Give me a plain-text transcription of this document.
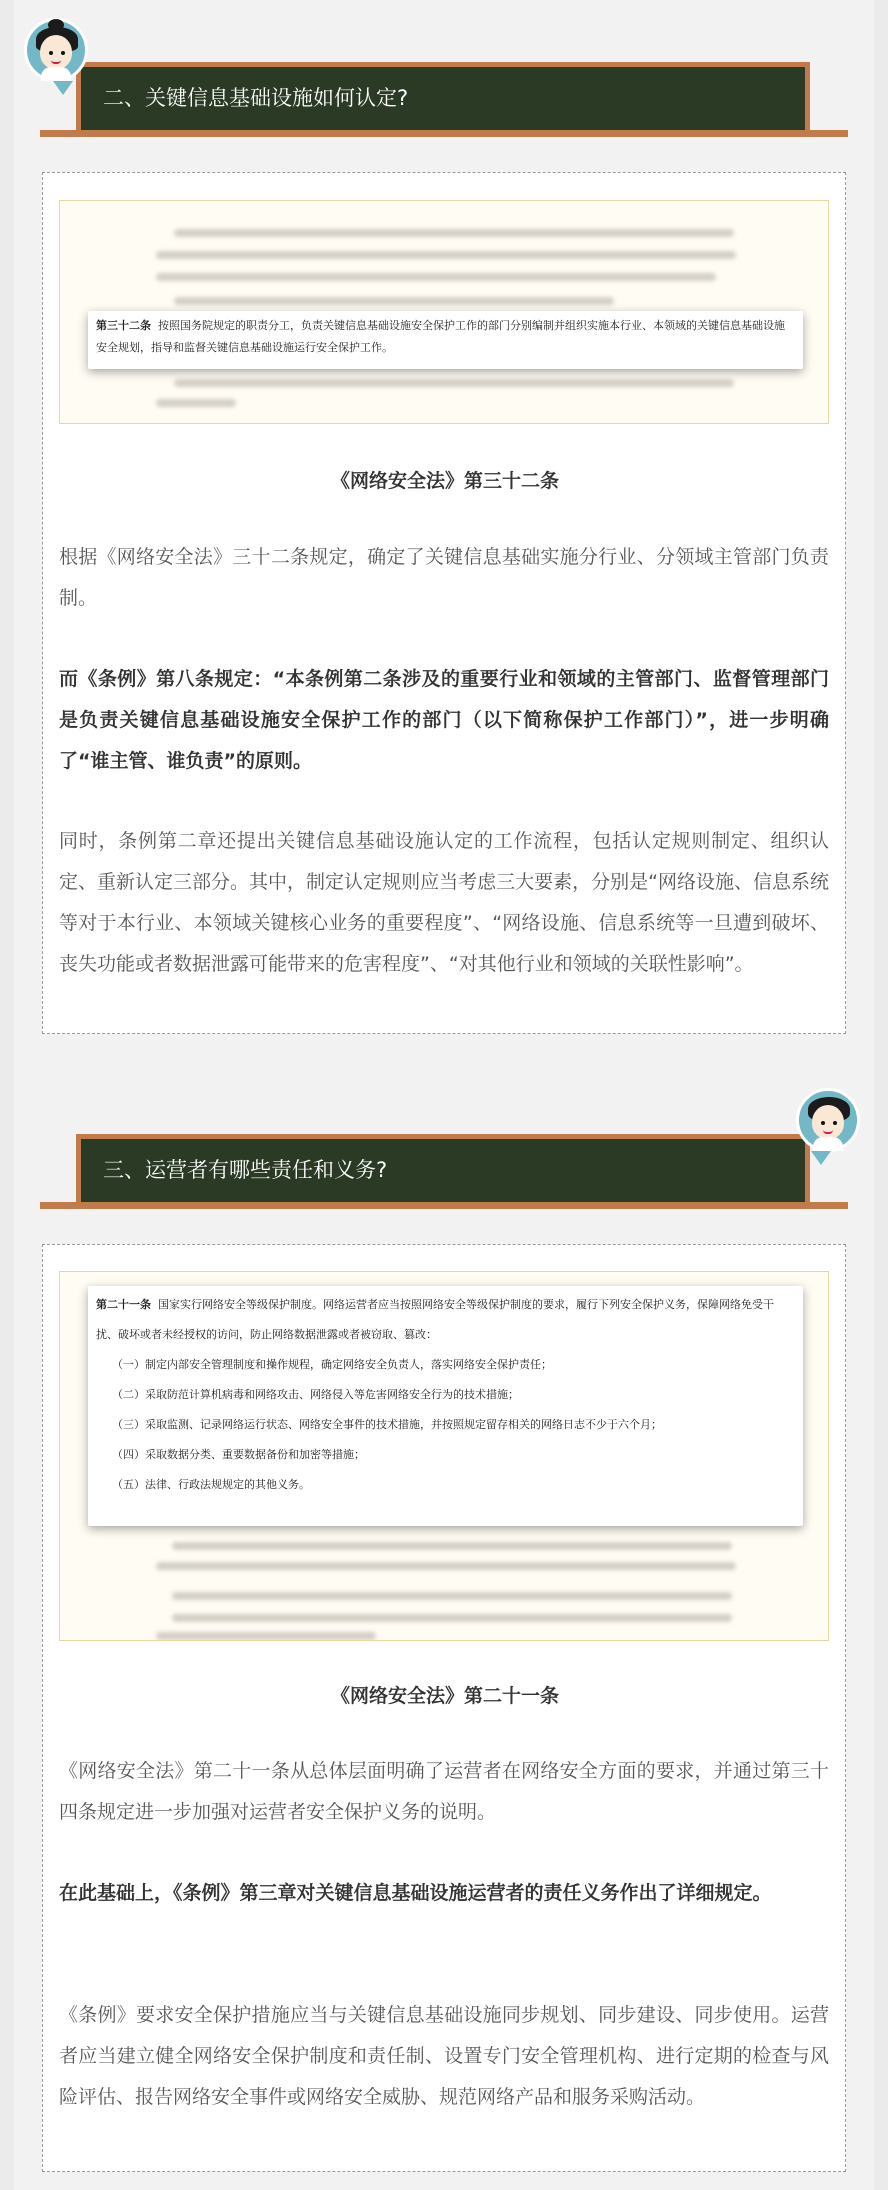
二、关键信息基础设施如何认定?

第三十二条 按照国务院规定的职责分工，负责关键信息基础设施安全保护工作的部门分别编制并组织实施本行业、本领域的关键信息基础设施安全规划，指导和监督关键信息基础设施运行安全保护工作。

《网络安全法》第三十二条
根据《网络安全法》三十二条规定，确定了关键信息基础实施分行业、分领域主管部门负责制。
而《条例》第八条规定：“本条例第二条涉及的重要行业和领域的主管部门、监督管理部门是负责关键信息基础设施安全保护工作的部门（以下简称保护工作部门）”，进一步明确了“谁主管、谁负责”的原则。
同时，条例第二章还提出关键信息基础设施认定的工作流程，包括认定规则制定、组织认定、重新认定三部分。其中，制定认定规则应当考虑三大要素，分别是“网络设施、信息系统等对于本行业、本领域关键核心业务的重要程度”、“网络设施、信息系统等一旦遭到破坏、丧失功能或者数据泄露可能带来的危害程度”、“对其他行业和领域的关联性影响”。
三、运营者有哪些责任和义务?

第二十一条 国家实行网络安全等级保护制度。网络运营者应当按照网络安全等级保护制度的要求，履行下列安全保护义务，保障网络免受干扰、破坏或者未经授权的访问，防止网络数据泄露或者被窃取、篡改：

（一）制定内部安全管理制度和操作规程，确定网络安全负责人，落实网络安全保护责任；

（二）采取防范计算机病毒和网络攻击、网络侵入等危害网络安全行为的技术措施；

（三）采取监测、记录网络运行状态、网络安全事件的技术措施，并按照规定留存相关的网络日志不少于六个月；

（四）采取数据分类、重要数据备份和加密等措施；

（五）法律、行政法规规定的其他义务。

《网络安全法》第二十一条
《网络安全法》第二十一条从总体层面明确了运营者在网络安全方面的要求，并通过第三十四条规定进一步加强对运营者安全保护义务的说明。
在此基础上，《条例》第三章对关键信息基础设施运营者的责任义务作出了详细规定。
《条例》要求安全保护措施应当与关键信息基础设施同步规划、同步建设、同步使用。运营者应当建立健全网络安全保护制度和责任制、设置专门安全管理机构、进行定期的检查与风险评估、报告网络安全事件或网络安全威胁、规范网络产品和服务采购活动。
